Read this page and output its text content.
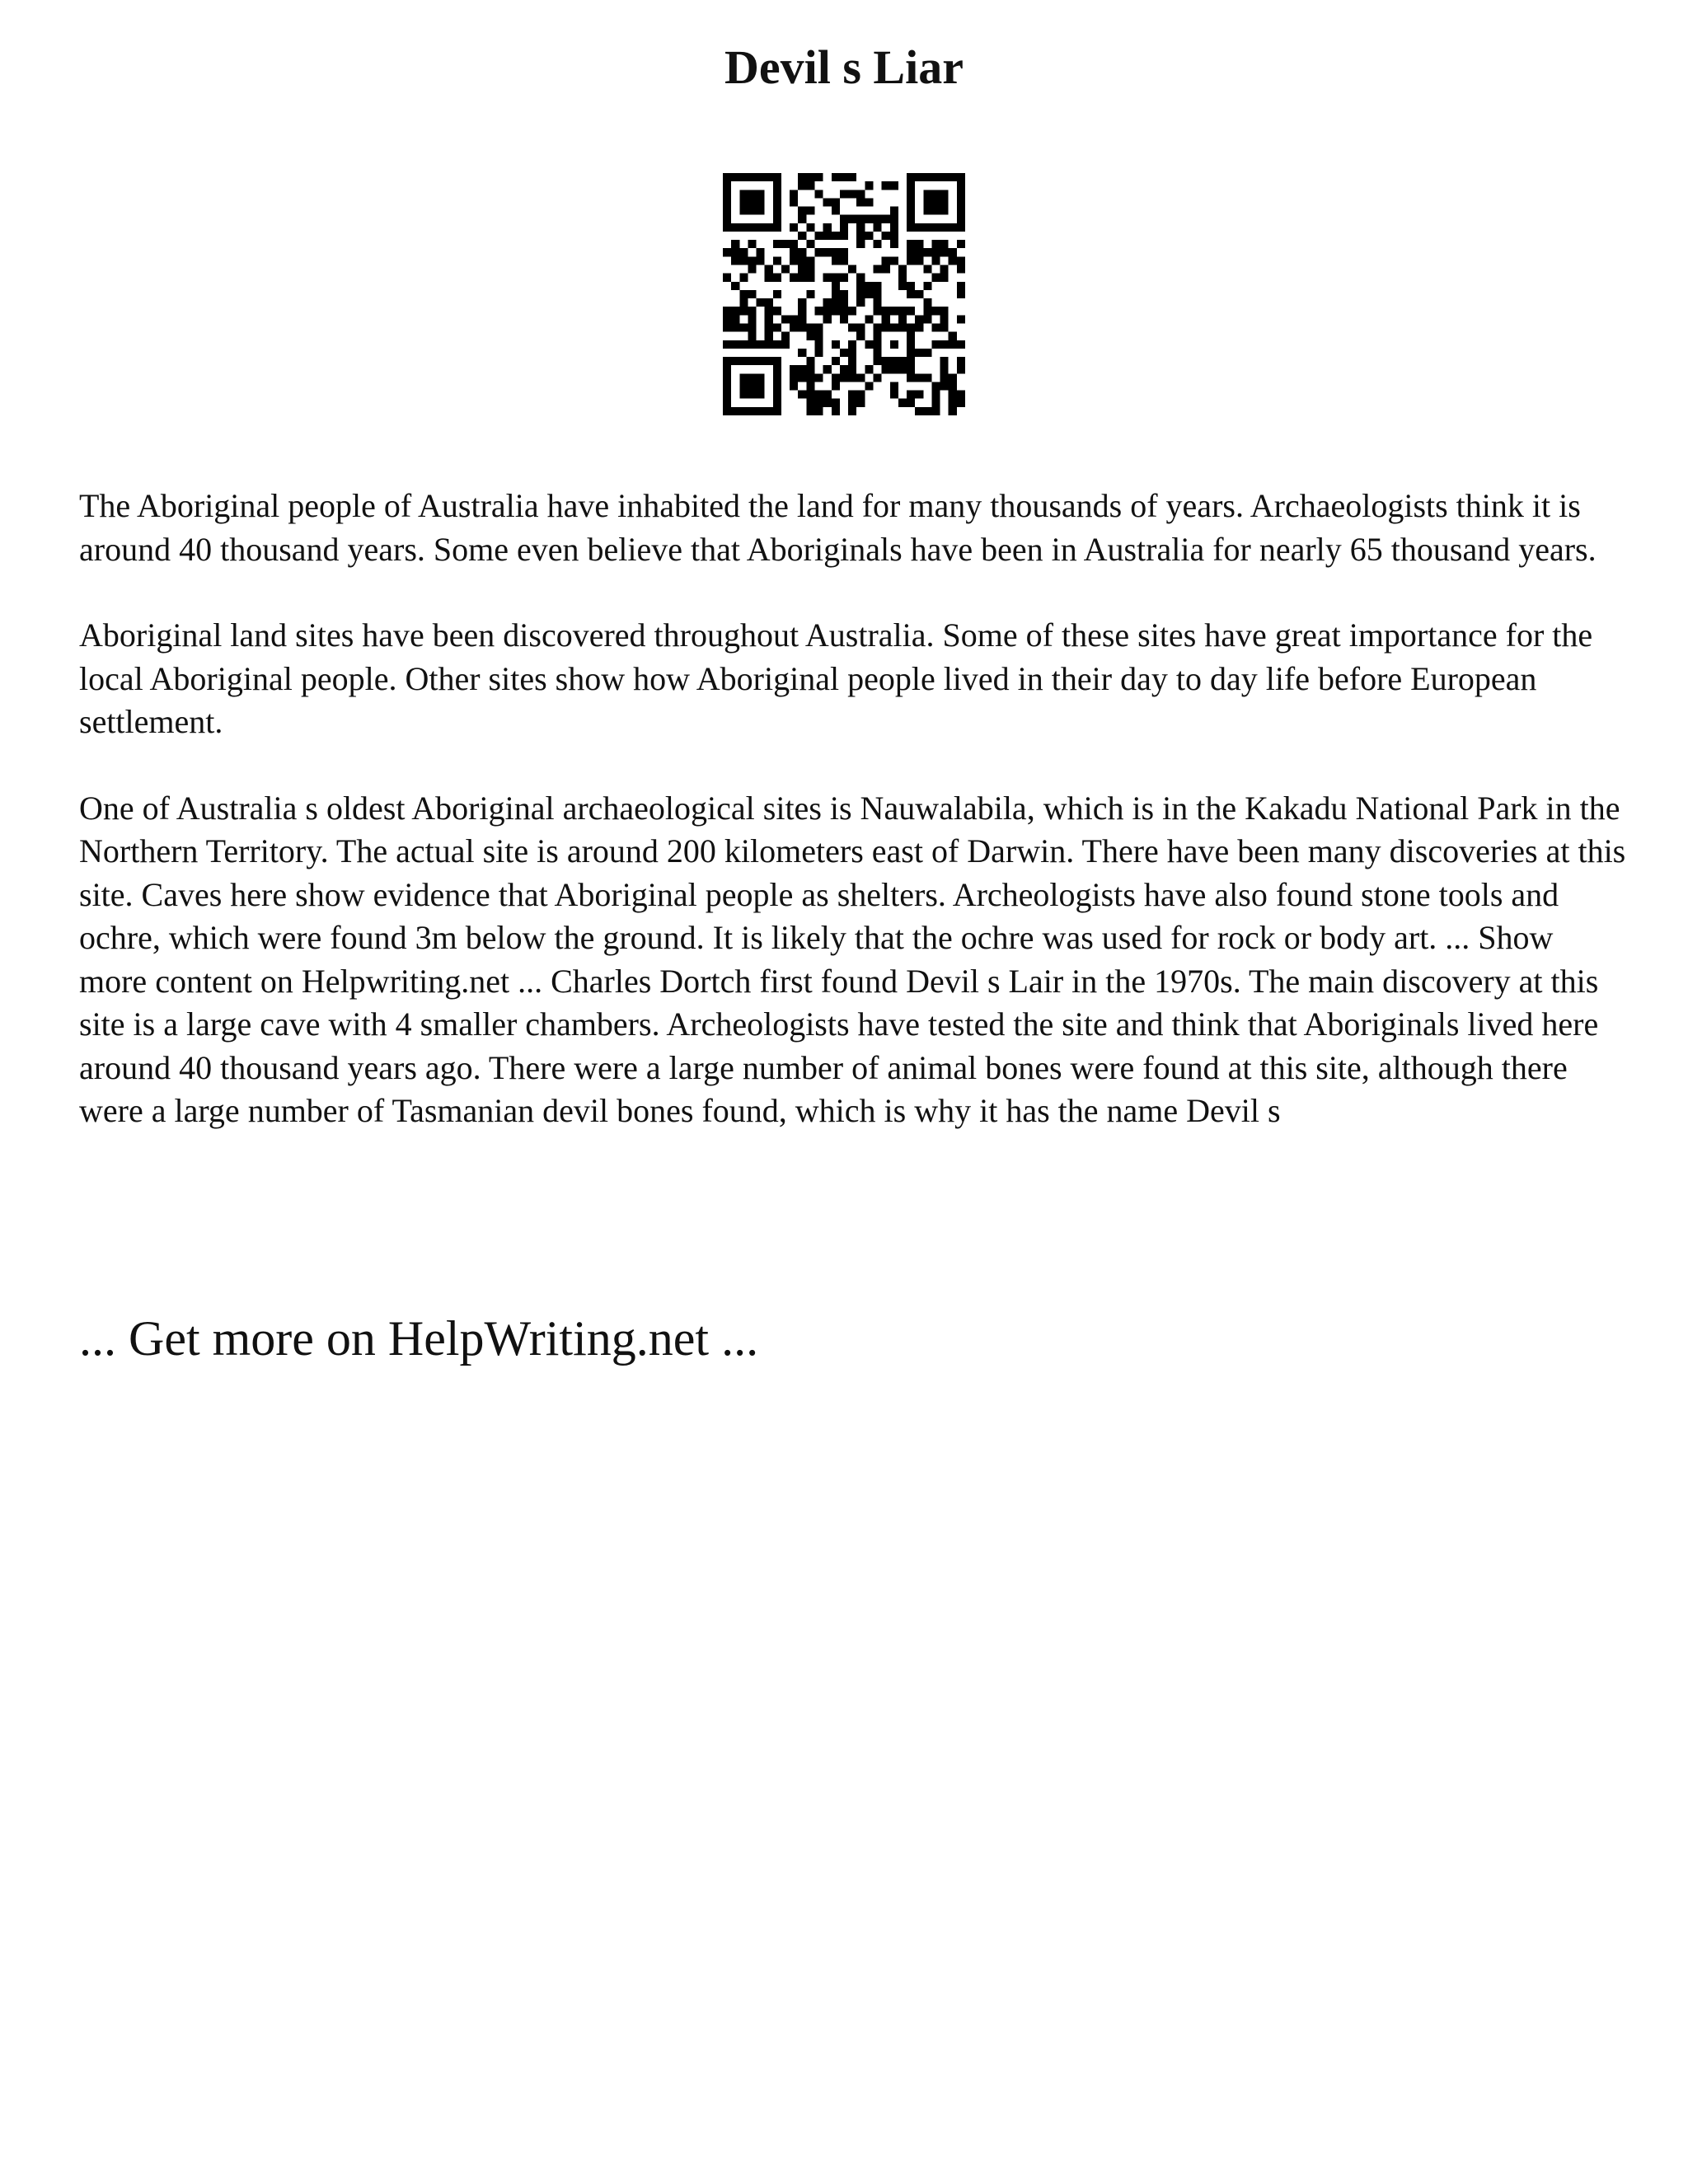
Devil s Liar

The Aboriginal people of Australia have inhabited the land for many thousands of years. Archaeologists think it is around 40 thousand years. Some even believe that Aboriginals have been in Australia for nearly 65 thousand years.

Aboriginal land sites have been discovered throughout Australia. Some of these sites have great importance for the local Aboriginal people. Other sites show how Aboriginal people lived in their day to day life before European settlement.

One of Australia s oldest Aboriginal archaeological sites is Nauwalabila, which is in the Kakadu National Park in the Northern Territory. The actual site is around 200 kilometers east of Darwin. There have been many discoveries at this site. Caves here show evidence that Aboriginal people as shelters. Archeologists have also found stone tools and ochre, which were found 3m below the ground. It is likely that the ochre was used for rock or body art. ... Show more content on Helpwriting.net ... Charles Dortch first found Devil s Lair in the 1970s. The main discovery at this site is a large cave with 4 smaller chambers. Archeologists have tested the site and think that Aboriginals lived here around 40 thousand years ago. There were a large number of animal bones were found at this site, although there were a large number of Tasmanian devil bones found, which is why it has the name Devil s

... Get more on HelpWriting.net ...
